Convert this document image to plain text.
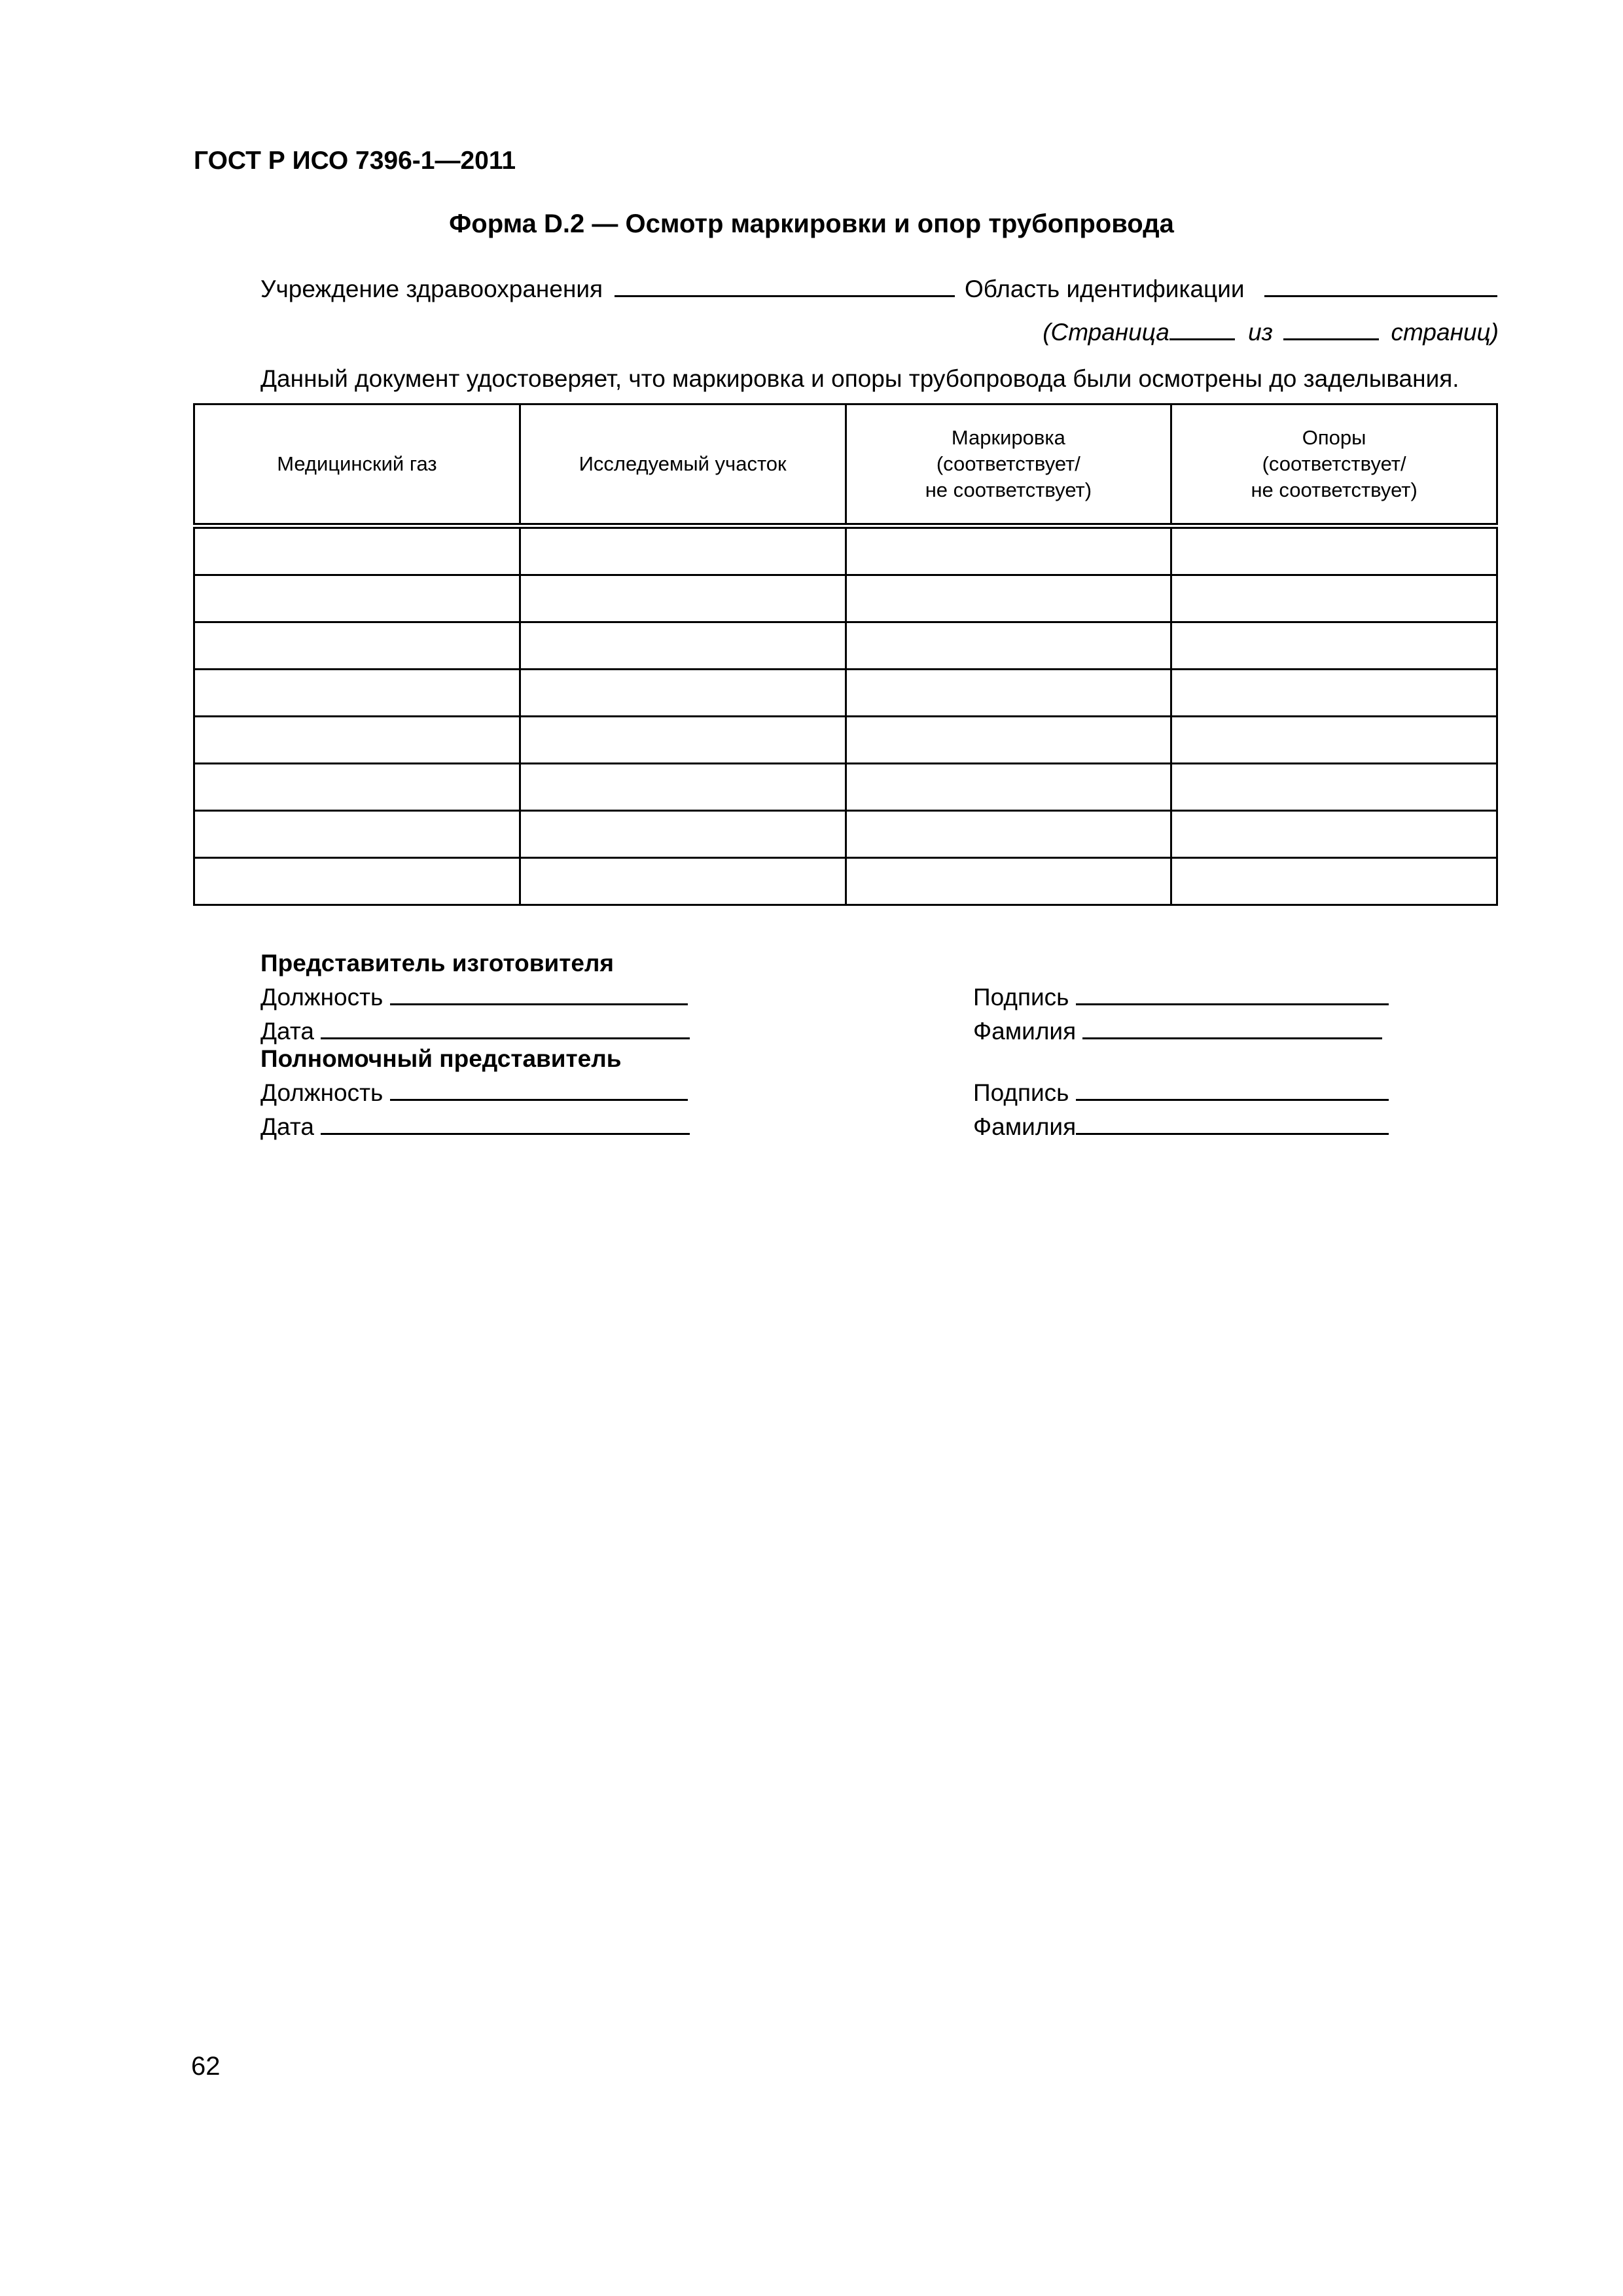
ГОСТ Р ИСО 7396-1—2011
Форма D.2 — Осмотр маркировки и опор трубопровода
Учреждение здравоохранения	Область идентификации
(Страница	из	страниц)
Данный документ удостоверяет, что маркировка и опоры трубопровода были осмотрены до заделывания.
Медицинский газ	Исследуемый участок	Маркировка
(соответствует/
не соответствует)	Опоры
(соответствует/
не соответствует)

Представитель изготовителя
Должность
Дата
Подпись
Фамилия
Полномочный представитель
Должность
Дата
Подпись
Фамилия
62
